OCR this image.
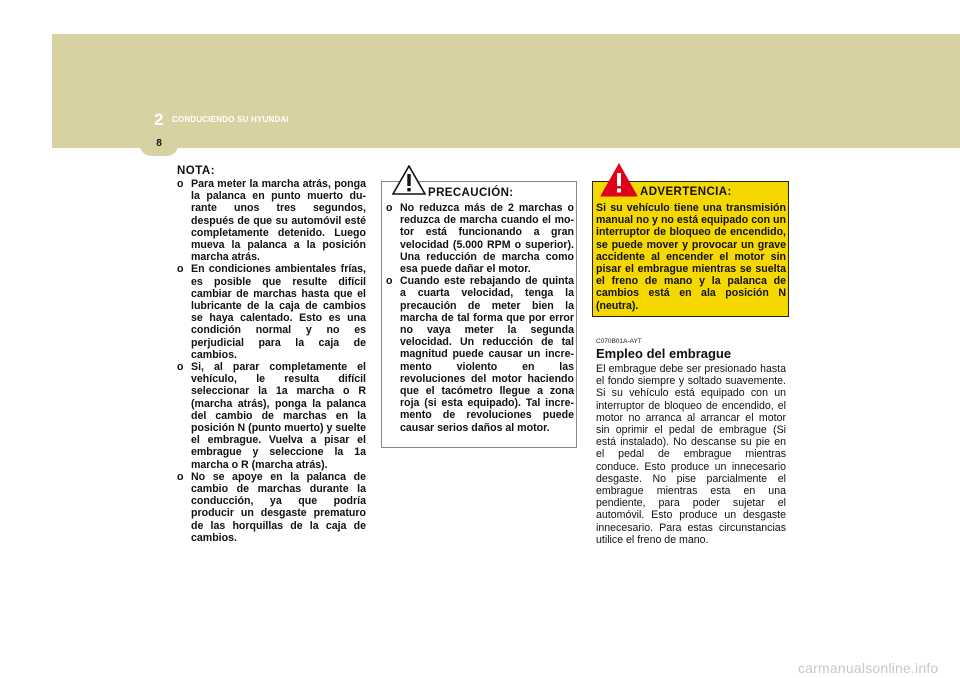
2 CONDUCIENDO SU HYUNDAI
8
NOTA:
o Para meter la marcha atrás, ponga la palanca en punto muerto du- rante unos tres segundos, después de que su automóvil esté completamente detenido. Luego mueva la palanca a la posición marcha atrás.
o En condiciones ambientales frías, es posible que resulte difícil cambiar de marchas hasta que el lubricante de la caja de cambios se haya calentado. Esto es una condición normal y no es perjudicial para la caja de cambios.
o Si, al parar completamente el vehículo, le resulta difícil seleccionar la 1a marcha o R (marcha atrás), ponga la palanca del cambio de marchas en la posición N (punto muerto) y suelte el embrague. Vuelva a pisar el embrague y seleccione la 1a marcha o R (marcha atrás).
o No se apoye en la palanca de cambio de marchas durante la conducción, ya que podría producir un desgaste prematuro de las horquillas de la caja de cambios.
PRECAUCIÓN:
o No reduzca más de 2 marchas o reduzca de marcha cuando el mo- tor está funcionando a gran velocidad (5.000 RPM o superior). Una reducción de marcha como esa puede dañar el motor.
o Cuando este rebajando de quinta a cuarta velocidad, tenga la precaución de meter bien la marcha de tal forma que por error no vaya meter la segunda velocidad. Un reducción de tal magnitud puede causar un incre- mento violento en las revoluciones del motor haciendo que el tacómetro llegue a zona roja (si esta equipado). Tal incre- mento de revoluciones puede causar serios daños al motor.
ADVERTENCIA:
Si su vehículo tiene una transmisión manual no y no está equipado con un interruptor de bloqueo de encendido, se puede mover y provocar un grave accidente al encender el motor sin pisar el embrague mientras se suelta el freno de mano y la palanca de cambios está en ala posición N (neutra).
C070B01A-AYT
Empleo del embrague
El embrague debe ser presionado hasta el fondo siempre y soltado suavemente. Si su vehículo está equipado con un interruptor de bloqueo de encendido, el motor no arranca al arrancar el motor sin oprimir el pedal de embrague (Si está instalado). No descanse su pie en el pedal de embrague mientras conduce. Esto produce un innecesario desgaste. No pise parcialmente el embrague mientras esta en una pendiente, para poder sujetar el automóvil. Esto produce un desgaste innecesario. Para estas circunstancias utilice el freno de mano.
carmanualsonline.info
